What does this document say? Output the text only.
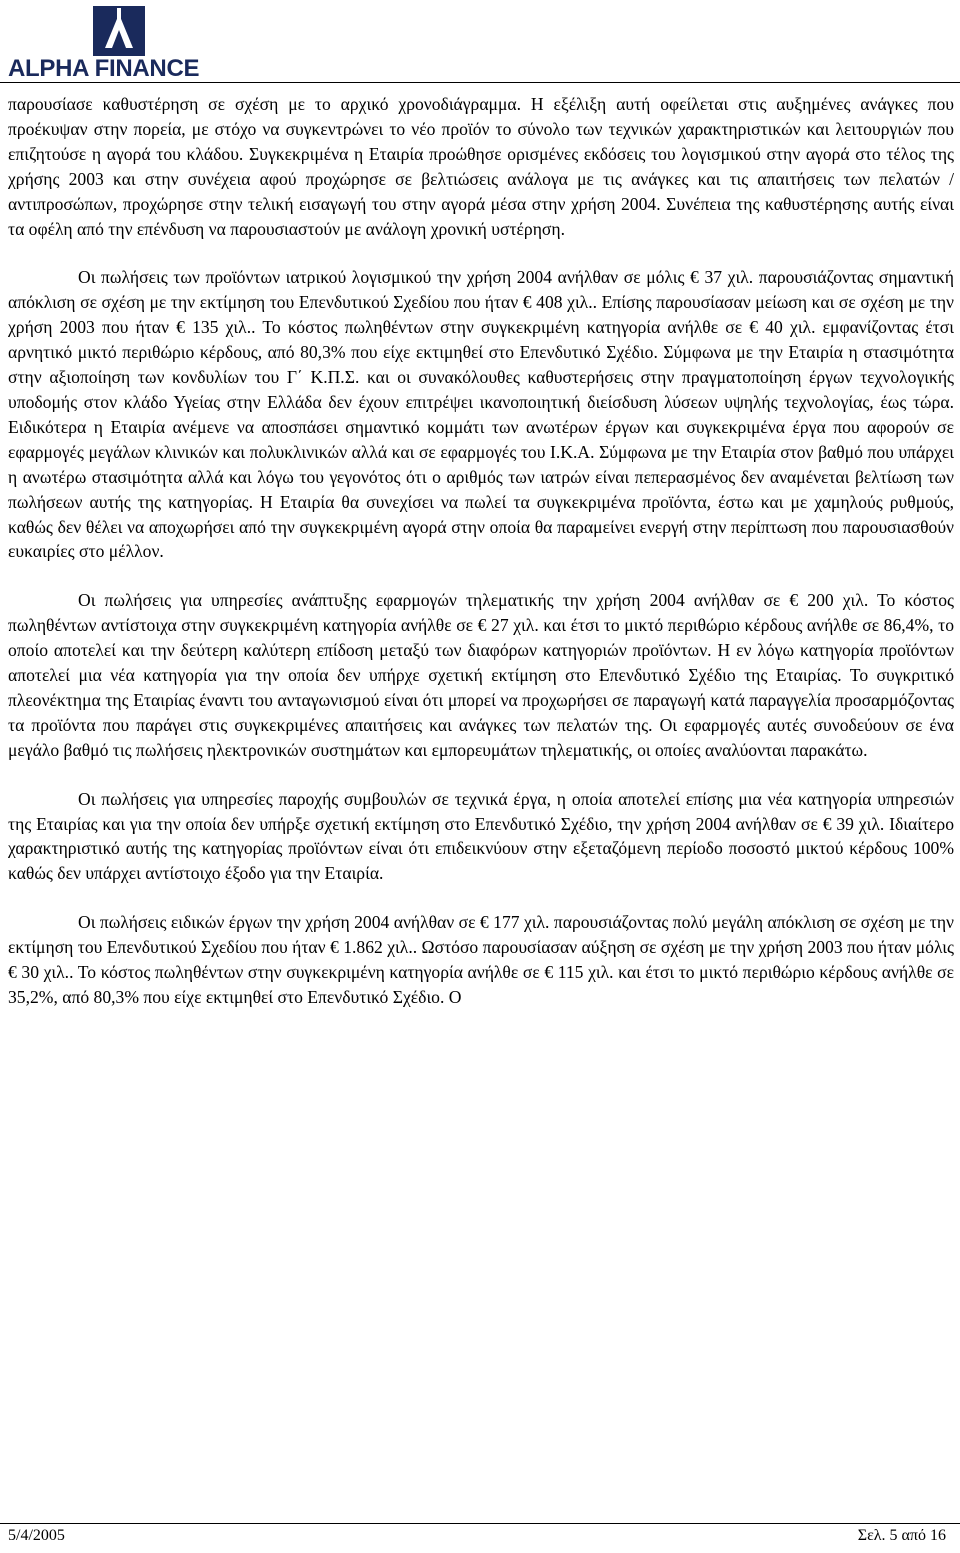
ALPHA FINANCE

παρουσίασε καθυστέρηση σε σχέση με το αρχικό χρονοδιάγραμμα. Η εξέλιξη αυτή οφείλεται στις αυξημένες ανάγκες που προέκυψαν στην πορεία, με στόχο να συγκεντρώνει το νέο προϊόν το σύνολο των τεχνικών χαρακτηριστικών και λειτουργιών που επιζητούσε η αγορά του κλάδου. Συγκεκριμένα η Εταιρία προώθησε ορισμένες εκδόσεις του λογισμικού στην αγορά στο τέλος της χρήσης 2003 και στην συνέχεια αφού προχώρησε σε βελτιώσεις ανάλογα με τις ανάγκες και τις απαιτήσεις των πελατών / αντιπροσώπων, προχώρησε στην τελική εισαγωγή του στην αγορά μέσα στην χρήση 2004. Συνέπεια της καθυστέρησης αυτής είναι τα οφέλη από την επένδυση να παρουσιαστούν με ανάλογη χρονική υστέρηση.

Οι πωλήσεις των προϊόντων ιατρικού λογισμικού την χρήση 2004 ανήλθαν σε μόλις € 37 χιλ. παρουσιάζοντας σημαντική απόκλιση σε σχέση με την εκτίμηση του Επενδυτικού Σχεδίου που ήταν € 408 χιλ.. Επίσης παρουσίασαν μείωση και σε σχέση με την χρήση 2003 που ήταν € 135 χιλ.. Το κόστος πωληθέντων στην συγκεκριμένη κατηγορία ανήλθε σε € 40 χιλ. εμφανίζοντας έτσι αρνητικό μικτό περιθώριο κέρδους, από 80,3% που είχε εκτιμηθεί στο Επενδυτικό Σχέδιο. Σύμφωνα με την Εταιρία η στασιμότητα στην αξιοποίηση των κονδυλίων του Γ΄ Κ.Π.Σ. και οι συνακόλουθες καθυστερήσεις στην πραγματοποίηση έργων τεχνολογικής υποδομής στον κλάδο Υγείας στην Ελλάδα δεν έχουν επιτρέψει ικανοποιητική διείσδυση λύσεων υψηλής τεχνολογίας, έως τώρα. Ειδικότερα η Εταιρία ανέμενε να αποσπάσει σημαντικό κομμάτι των ανωτέρων έργων και συγκεκριμένα έργα που αφορούν σε εφαρμογές μεγάλων κλινικών και πολυκλινικών αλλά και σε εφαρμογές του Ι.Κ.Α. Σύμφωνα με την Εταιρία στον βαθμό που υπάρχει η ανωτέρω στασιμότητα αλλά και λόγω του γεγονότος ότι ο αριθμός των ιατρών είναι πεπερασμένος δεν αναμένεται βελτίωση των πωλήσεων αυτής της κατηγορίας. Η Εταιρία θα συνεχίσει να πωλεί τα συγκεκριμένα προϊόντα, έστω και με χαμηλούς ρυθμούς, καθώς δεν θέλει να αποχωρήσει από την συγκεκριμένη αγορά στην οποία θα παραμείνει ενεργή στην περίπτωση που παρουσιασθούν ευκαιρίες στο μέλλον.

Οι πωλήσεις για υπηρεσίες ανάπτυξης εφαρμογών τηλεματικής την χρήση 2004 ανήλθαν σε € 200 χιλ. Το κόστος πωληθέντων αντίστοιχα στην συγκεκριμένη κατηγορία ανήλθε σε € 27 χιλ. και έτσι το μικτό περιθώριο κέρδους ανήλθε σε 86,4%, το οποίο αποτελεί και την δεύτερη καλύτερη επίδοση μεταξύ των διαφόρων κατηγοριών προϊόντων. Η εν λόγω κατηγορία προϊόντων αποτελεί μια νέα κατηγορία για την οποία δεν υπήρχε σχετική εκτίμηση στο Επενδυτικό Σχέδιο της Εταιρίας. Το συγκριτικό πλεονέκτημα της Εταιρίας έναντι του ανταγωνισμού είναι ότι μπορεί να προχωρήσει σε παραγωγή κατά παραγγελία προσαρμόζοντας τα προϊόντα που παράγει στις συγκεκριμένες απαιτήσεις και ανάγκες των πελατών της. Οι εφαρμογές αυτές συνοδεύουν σε ένα μεγάλο βαθμό τις πωλήσεις ηλεκτρονικών συστημάτων και εμπορευμάτων τηλεματικής, οι οποίες αναλύονται παρακάτω.

Οι πωλήσεις για υπηρεσίες παροχής συμβουλών σε τεχνικά έργα, η οποία αποτελεί επίσης μια νέα κατηγορία υπηρεσιών της Εταιρίας και για την οποία δεν υπήρξε σχετική εκτίμηση στο Επενδυτικό Σχέδιο, την χρήση 2004 ανήλθαν σε € 39 χιλ. Ιδιαίτερο χαρακτηριστικό αυτής της κατηγορίας προϊόντων είναι ότι επιδεικνύουν στην εξεταζόμενη περίοδο ποσοστό μικτού κέρδους 100% καθώς δεν υπάρχει αντίστοιχο έξοδο για την Εταιρία.

Οι πωλήσεις ειδικών έργων την χρήση 2004 ανήλθαν σε € 177 χιλ. παρουσιάζοντας πολύ μεγάλη απόκλιση σε σχέση με την εκτίμηση του Επενδυτικού Σχεδίου που ήταν € 1.862 χιλ.. Ωστόσο παρουσίασαν αύξηση σε σχέση με την χρήση 2003 που ήταν μόλις € 30 χιλ.. Το κόστος πωληθέντων στην συγκεκριμένη κατηγορία ανήλθε σε € 115 χιλ. και έτσι το μικτό περιθώριο κέρδους ανήλθε σε 35,2%, από 80,3% που είχε εκτιμηθεί στο Επενδυτικό Σχέδιο. Ο

5/4/2005	Σελ. 5 από 16
